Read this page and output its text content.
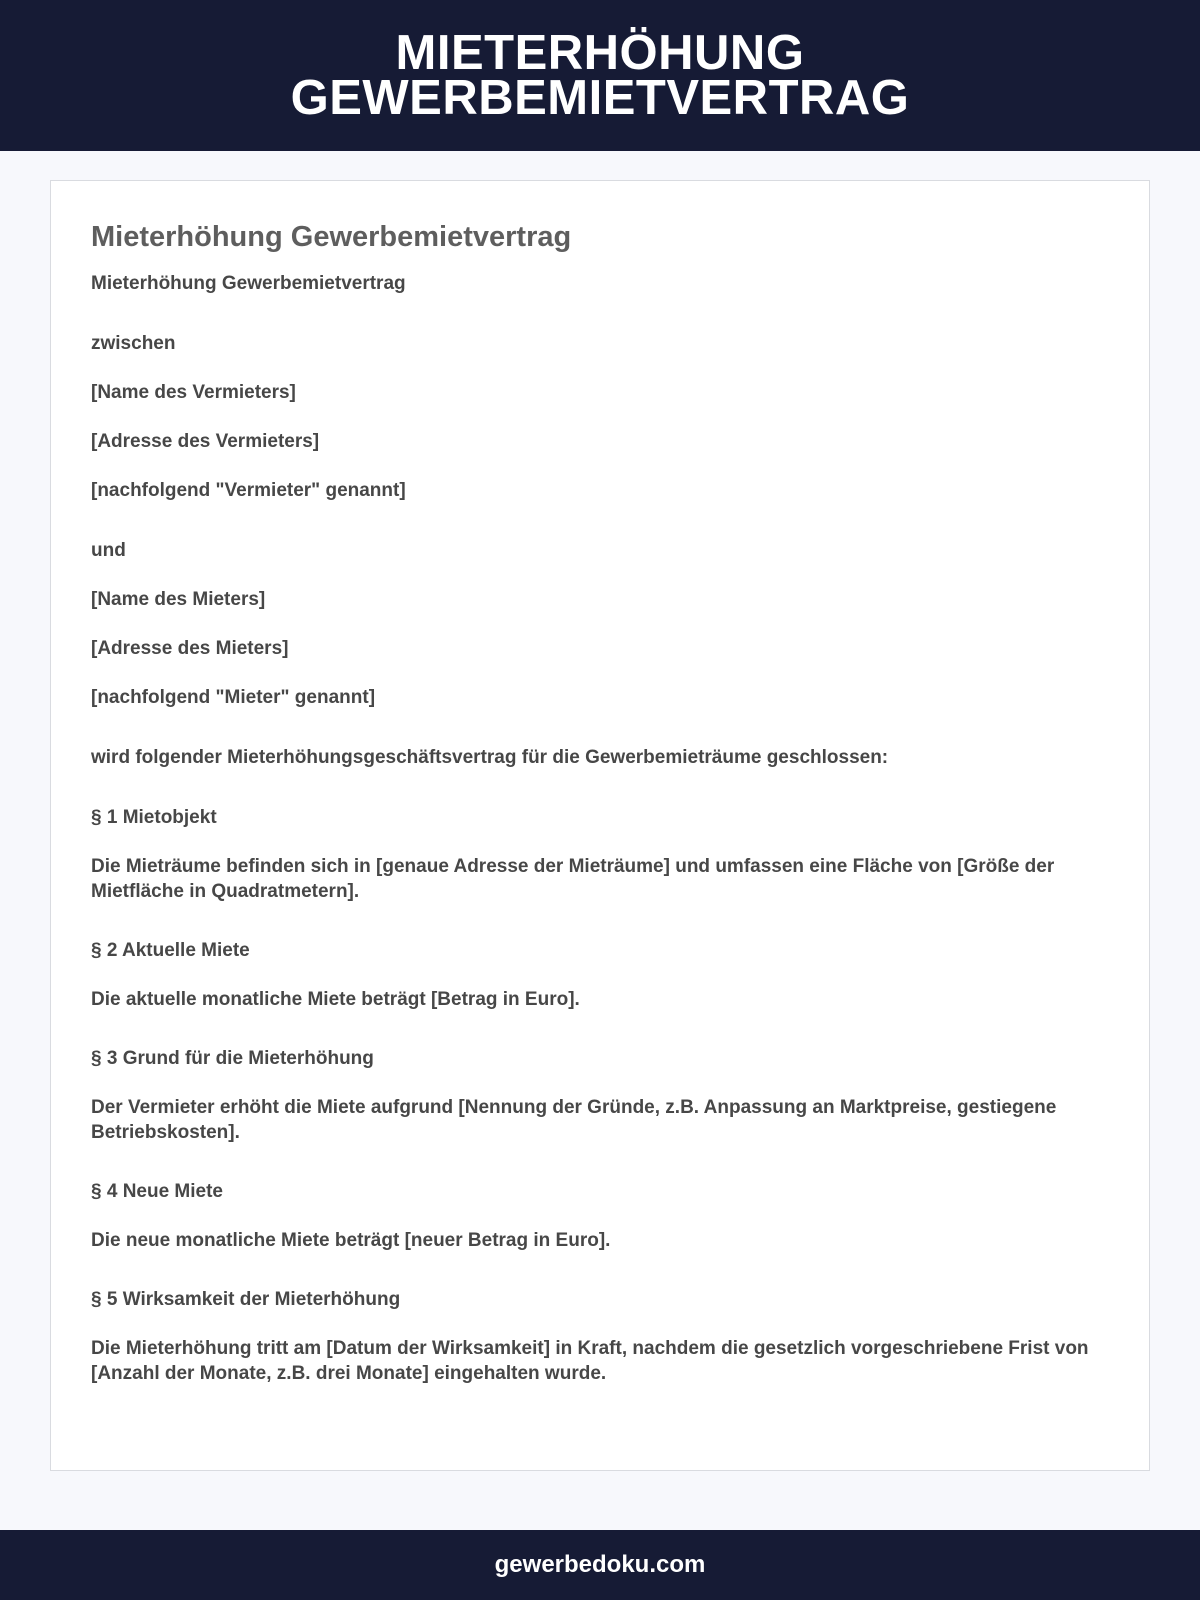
MIETERHÖHUNG
GEWERBEMIETVERTRAG
Mieterhöhung Gewerbemietvertrag

Mieterhöhung Gewerbemietvertrag

zwischen

[Name des Vermieters]

[Adresse des Vermieters]

[nachfolgend "Vermieter" genannt]

und

[Name des Mieters]

[Adresse des Mieters]

[nachfolgend "Mieter" genannt]

wird folgender Mieterhöhungsgeschäftsvertrag für die Gewerbemieträume geschlossen:

§ 1 Mietobjekt

Die Mieträume befinden sich in [genaue Adresse der Mieträume] und umfassen eine Fläche von [Größe der Mietfläche in Quadratmetern].

§ 2 Aktuelle Miete

Die aktuelle monatliche Miete beträgt [Betrag in Euro].

§ 3 Grund für die Mieterhöhung

Der Vermieter erhöht die Miete aufgrund [Nennung der Gründe, z.B. Anpassung an Marktpreise, gestiegene Betriebskosten].

§ 4 Neue Miete

Die neue monatliche Miete beträgt [neuer Betrag in Euro].

§ 5 Wirksamkeit der Mieterhöhung

Die Mieterhöhung tritt am [Datum der Wirksamkeit] in Kraft, nachdem die gesetzlich vorgeschriebene Frist von [Anzahl der Monate, z.B. drei Monate] eingehalten wurde.

gewerbedoku.com
